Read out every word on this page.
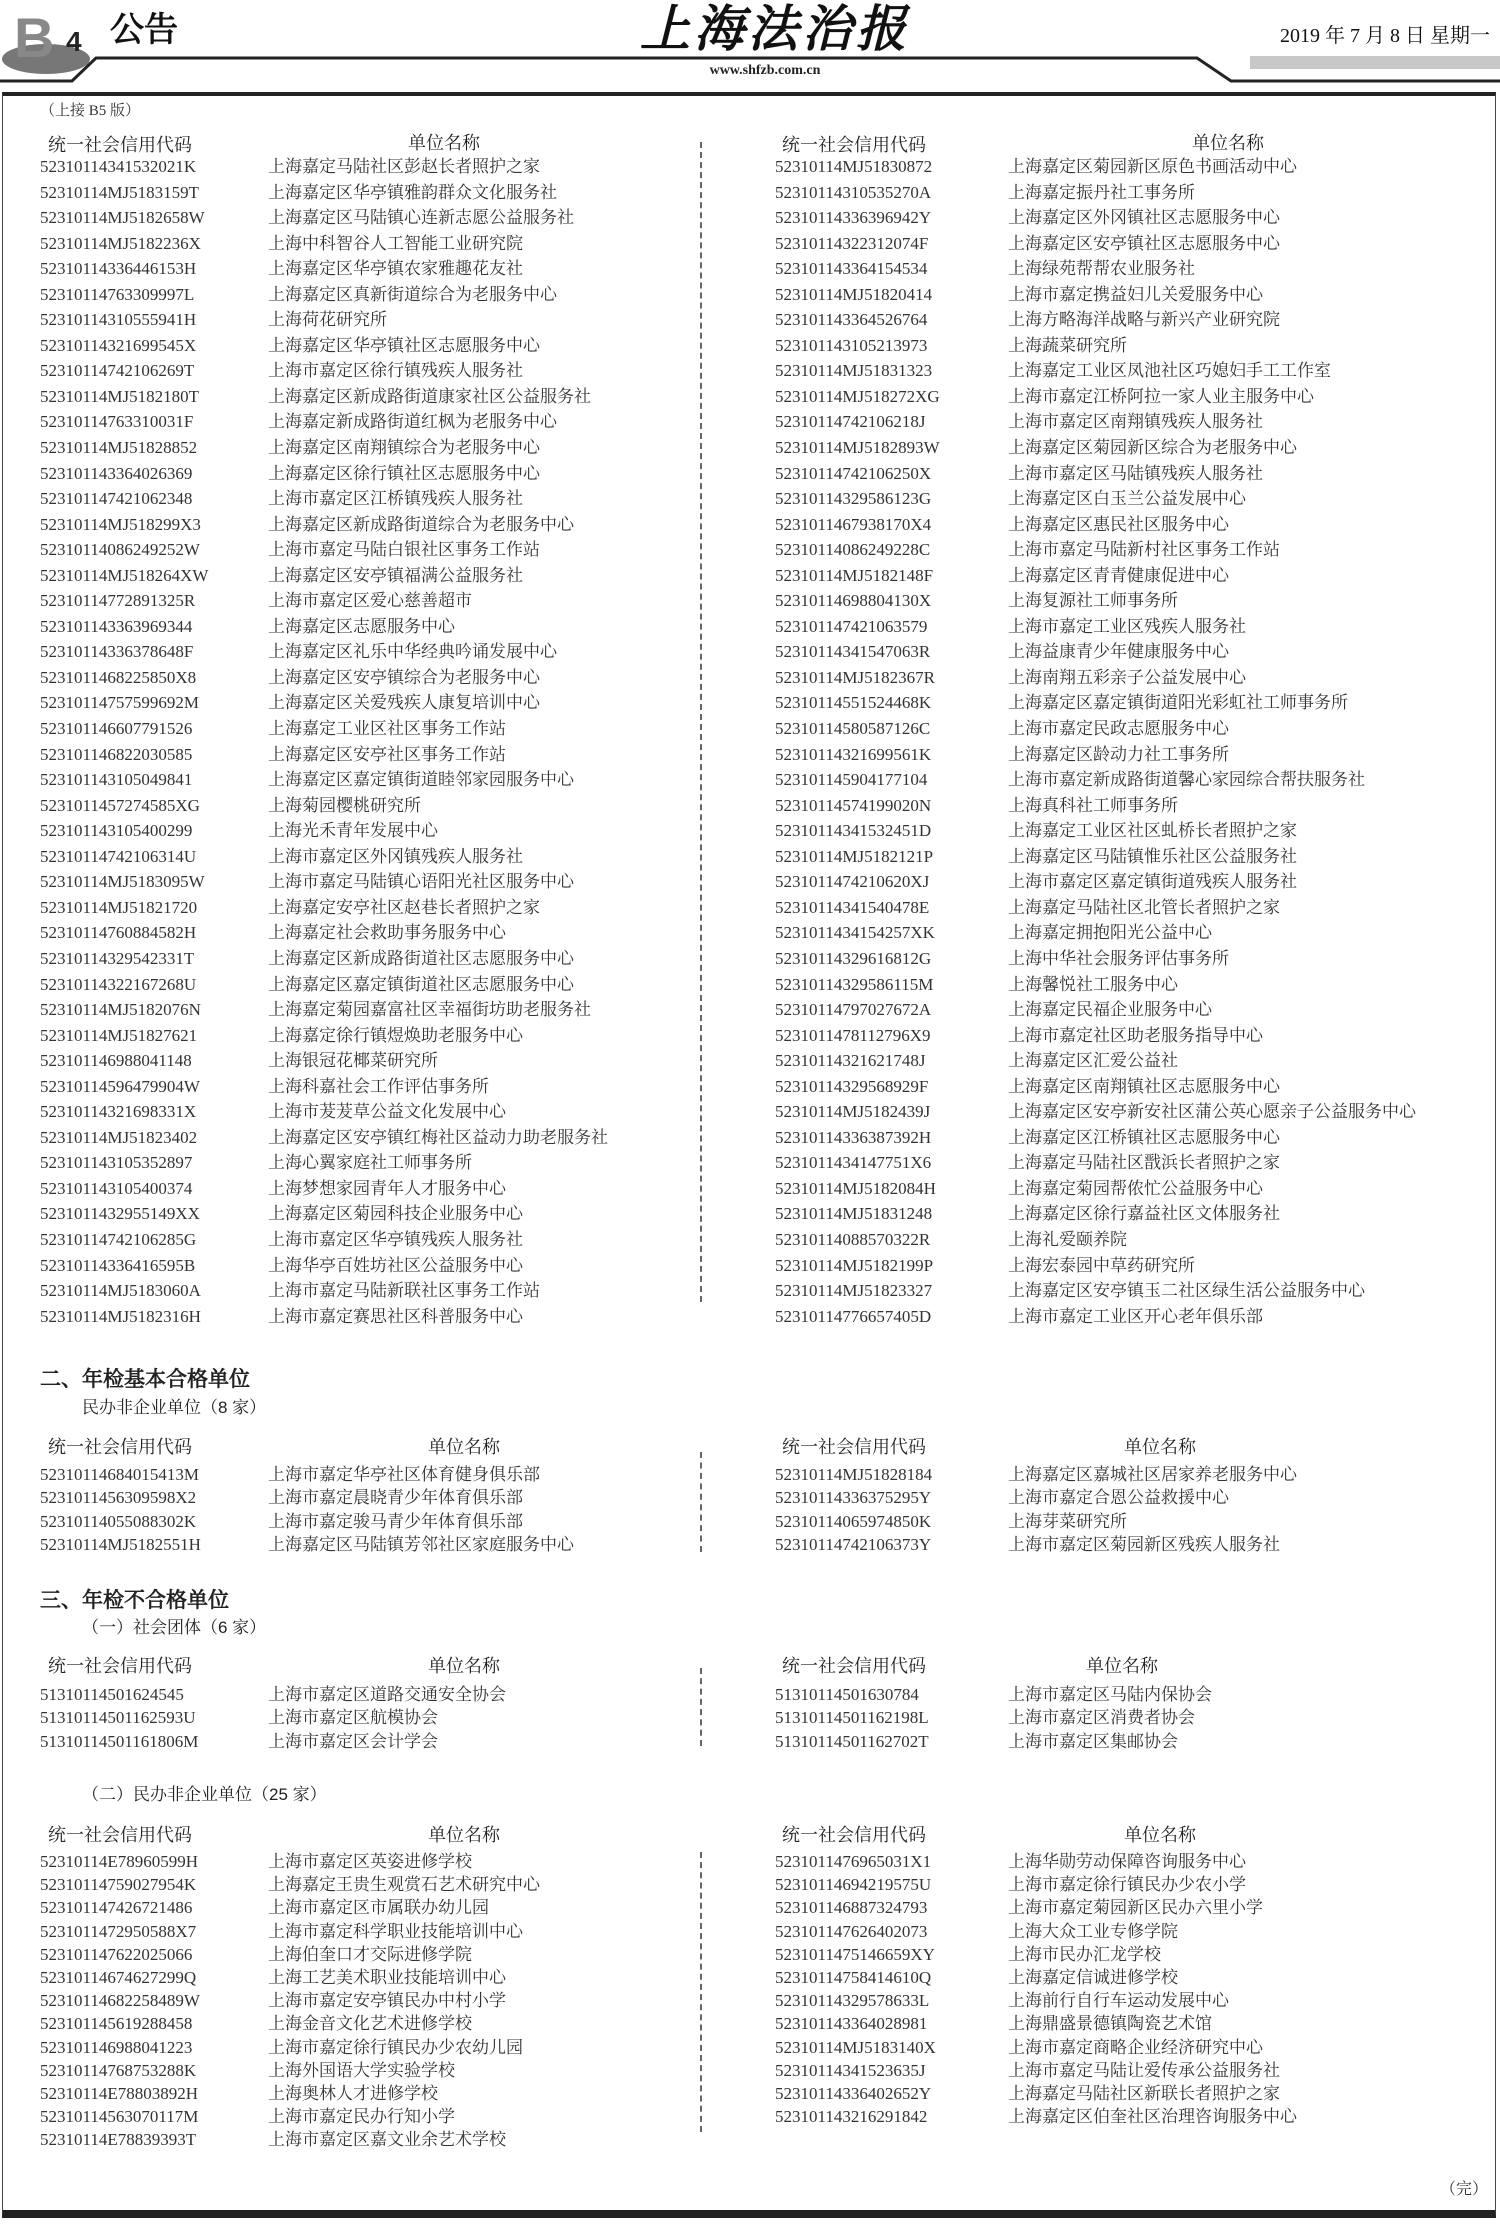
B 4 公告	上海法治报
www.shfzb.com.cn
2019 年 7 月 8 日 星期一
（上接 B5 版）
统一社会信用代码	单位名称	统一社会信用代码	单位名称
52310114341532021K	上海嘉定马陆社区彭赵长者照护之家
52310114MJ5183159T	上海嘉定区华亭镇雅韵群众文化服务社
52310114MJ5182658W	上海嘉定区马陆镇心连新志愿公益服务社
52310114MJ5182236X	上海中科智谷人工智能工业研究院
52310114336446153H	上海嘉定区华亭镇农家雅趣花友社
52310114763309997L	上海嘉定区真新街道综合为老服务中心
52310114310555941H	上海荷花研究所
52310114321699545X	上海嘉定区华亭镇社区志愿服务中心
52310114742106269T	上海市嘉定区徐行镇残疾人服务社
52310114MJ5182180T	上海嘉定区新成路街道康家社区公益服务社
52310114763310031F	上海嘉定新成路街道红枫为老服务中心
52310114MJ51828852	上海嘉定区南翔镇综合为老服务中心
523101143364026369	上海嘉定区徐行镇社区志愿服务中心
523101147421062348	上海市嘉定区江桥镇残疾人服务社
52310114MJ518299X3	上海嘉定区新成路街道综合为老服务中心
52310114086249252W	上海市嘉定马陆白银社区事务工作站
52310114MJ518264XW	上海嘉定区安亭镇福满公益服务社
52310114772891325R	上海市嘉定区爱心慈善超市
523101143363969344	上海嘉定区志愿服务中心
52310114336378648F	上海嘉定区礼乐中华经典吟诵发展中心
5231011468225850X8	上海嘉定区安亭镇综合为老服务中心
52310114757599692M	上海嘉定区关爱残疾人康复培训中心
523101146607791526	上海嘉定工业区社区事务工作站
523101146822030585	上海嘉定区安亭社区事务工作站
523101143105049841	上海嘉定区嘉定镇街道睦邻家园服务中心
5231011457274585XG	上海菊园樱桃研究所
523101143105400299	上海光禾青年发展中心
52310114742106314U	上海市嘉定区外冈镇残疾人服务社
52310114MJ5183095W	上海市嘉定马陆镇心语阳光社区服务中心
52310114MJ51821720	上海嘉定安亭社区赵巷长者照护之家
52310114760884582H	上海嘉定社会救助事务服务中心
52310114329542331T	上海嘉定区新成路街道社区志愿服务中心
52310114322167268U	上海嘉定区嘉定镇街道社区志愿服务中心
52310114MJ5182076N	上海嘉定菊园嘉富社区幸福街坊助老服务社
52310114MJ51827621	上海嘉定徐行镇煜焕助老服务中心
523101146988041148	上海银冠花椰菜研究所
52310114596479904W	上海科嘉社会工作评估事务所
52310114321698331X	上海市茇茇草公益文化发展中心
52310114MJ51823402	上海嘉定区安亭镇红梅社区益动力助老服务社
523101143105352897	上海心翼家庭社工师事务所
523101143105400374	上海梦想家园青年人才服务中心
5231011432955149XX	上海嘉定区菊园科技企业服务中心
52310114742106285G	上海市嘉定区华亭镇残疾人服务社
52310114336416595B	上海华亭百姓坊社区公益服务中心
52310114MJ5183060A	上海市嘉定马陆新联社区事务工作站
52310114MJ5182316H	上海市嘉定赛思社区科普服务中心
52310114MJ51830872	上海嘉定区菊园新区原色书画活动中心
52310114310535270A	上海嘉定振丹社工事务所
52310114336396942Y	上海嘉定区外冈镇社区志愿服务中心
52310114322312074F	上海嘉定区安亭镇社区志愿服务中心
523101143364154534	上海绿苑帮帮农业服务社
52310114MJ51820414	上海市嘉定携益妇儿关爱服务中心
523101143364526764	上海方略海洋战略与新兴产业研究院
523101143105213973	上海蔬菜研究所
52310114MJ51831323	上海嘉定工业区凤池社区巧媳妇手工工作室
52310114MJ518272XG	上海市嘉定江桥阿拉一家人业主服务中心
52310114742106218J	上海市嘉定区南翔镇残疾人服务社
52310114MJ5182893W	上海嘉定区菊园新区综合为老服务中心
52310114742106250X	上海市嘉定区马陆镇残疾人服务社
52310114329586123G	上海嘉定区白玉兰公益发展中心
5231011467938170X4	上海嘉定区惠民社区服务中心
52310114086249228C	上海市嘉定马陆新村社区事务工作站
52310114MJ5182148F	上海嘉定区青青健康促进中心
52310114698804130X	上海复源社工师事务所
523101147421063579	上海市嘉定工业区残疾人服务社
52310114341547063R	上海益康青少年健康服务中心
52310114MJ5182367R	上海南翔五彩亲子公益发展中心
52310114551524468K	上海嘉定区嘉定镇街道阳光彩虹社工师事务所
52310114580587126C	上海市嘉定民政志愿服务中心
52310114321699561K	上海嘉定区龄动力社工事务所
523101145904177104	上海市嘉定新成路街道馨心家园综合帮扶服务社
52310114574199020N	上海真科社工师事务所
52310114341532451D	上海嘉定工业区社区虬桥长者照护之家
52310114MJ5182121P	上海嘉定区马陆镇惟乐社区公益服务社
5231011474210620XJ	上海市嘉定区嘉定镇街道残疾人服务社
52310114341540478E	上海嘉定马陆社区北管长者照护之家
5231011434154257XK	上海嘉定拥抱阳光公益中心
52310114329616812G	上海中华社会服务评估事务所
52310114329586115M	上海馨悦社工服务中心
52310114797027672A	上海嘉定民福企业服务中心
5231011478112796X9	上海市嘉定社区助老服务指导中心
52310114321621748J	上海嘉定区汇爱公益社
52310114329568929F	上海嘉定区南翔镇社区志愿服务中心
52310114MJ5182439J	上海嘉定区安亭新安社区蒲公英心愿亲子公益服务中心
52310114336387392H	上海嘉定区江桥镇社区志愿服务中心
5231011434147751X6	上海嘉定马陆社区戬浜长者照护之家
52310114MJ5182084H	上海嘉定菊园帮侬忙公益服务中心
52310114MJ51831248	上海嘉定区徐行嘉益社区文体服务社
52310114088570322R	上海礼爱颐养院
52310114MJ5182199P	上海宏泰园中草药研究所
52310114MJ51823327	上海嘉定区安亭镇玉二社区绿生活公益服务中心
52310114776657405D	上海市嘉定工业区开心老年俱乐部
二、年检基本合格单位
民办非企业单位（8 家）
统一社会信用代码	单位名称	统一社会信用代码	单位名称
52310114684015413M	上海市嘉定华亭社区体育健身俱乐部
5231011456309598X2	上海市嘉定晨晓青少年体育俱乐部
52310114055088302K	上海市嘉定骏马青少年体育俱乐部
52310114MJ5182551H	上海嘉定区马陆镇芳邻社区家庭服务中心
52310114MJ51828184	上海嘉定区嘉城社区居家养老服务中心
52310114336375295Y	上海市嘉定合恩公益救援中心
52310114065974850K	上海芽菜研究所
52310114742106373Y	上海市嘉定区菊园新区残疾人服务社
三、年检不合格单位
（一）社会团体（6 家）
统一社会信用代码	单位名称	统一社会信用代码	单位名称
51310114501624545	上海市嘉定区道路交通安全协会
51310114501162593U	上海市嘉定区航模协会
51310114501161806M	上海市嘉定区会计学会
51310114501630784	上海市嘉定区马陆内保协会
51310114501162198L	上海市嘉定区消费者协会
51310114501162702T	上海市嘉定区集邮协会
（二）民办非企业单位（25 家）
统一社会信用代码	单位名称	统一社会信用代码	单位名称
52310114E78960599H	上海市嘉定区英姿进修学校
52310114759027954K	上海嘉定王贵生观赏石艺术研究中心
523101147426721486	上海市嘉定区市属联办幼儿园
5231011472950588X7	上海市嘉定科学职业技能培训中心
523101147622025066	上海伯奎口才交际进修学院
52310114674627299Q	上海工艺美术职业技能培训中心
52310114682258489W	上海市嘉定安亭镇民办中村小学
523101145619288458	上海金音文化艺术进修学校
523101146988041223	上海市嘉定徐行镇民办少农幼儿园
52310114768753288K	上海外国语大学实验学校
52310114E78803892H	上海奥林人才进修学校
52310114563070117M	上海市嘉定民办行知小学
52310114E78839393T	上海市嘉定区嘉文业余艺术学校
5231011476965031X1	上海华勋劳动保障咨询服务中心
52310114694219575U	上海市嘉定徐行镇民办少农小学
523101146887324793	上海市嘉定菊园新区民办六里小学
523101147626402073	上海大众工业专修学院
5231011475146659XY	上海市民办汇龙学校
52310114758414610Q	上海嘉定信诚进修学校
52310114329578633L	上海前行自行车运动发展中心
523101143364028981	上海鼎盛景德镇陶瓷艺术馆
52310114MJ5183140X	上海市嘉定商略企业经济研究中心
52310114341523635J	上海市嘉定马陆让爱传承公益服务社
52310114336402652Y	上海嘉定马陆社区新联长者照护之家
523101143216291842	上海嘉定区伯奎社区治理咨询服务中心
（完）
